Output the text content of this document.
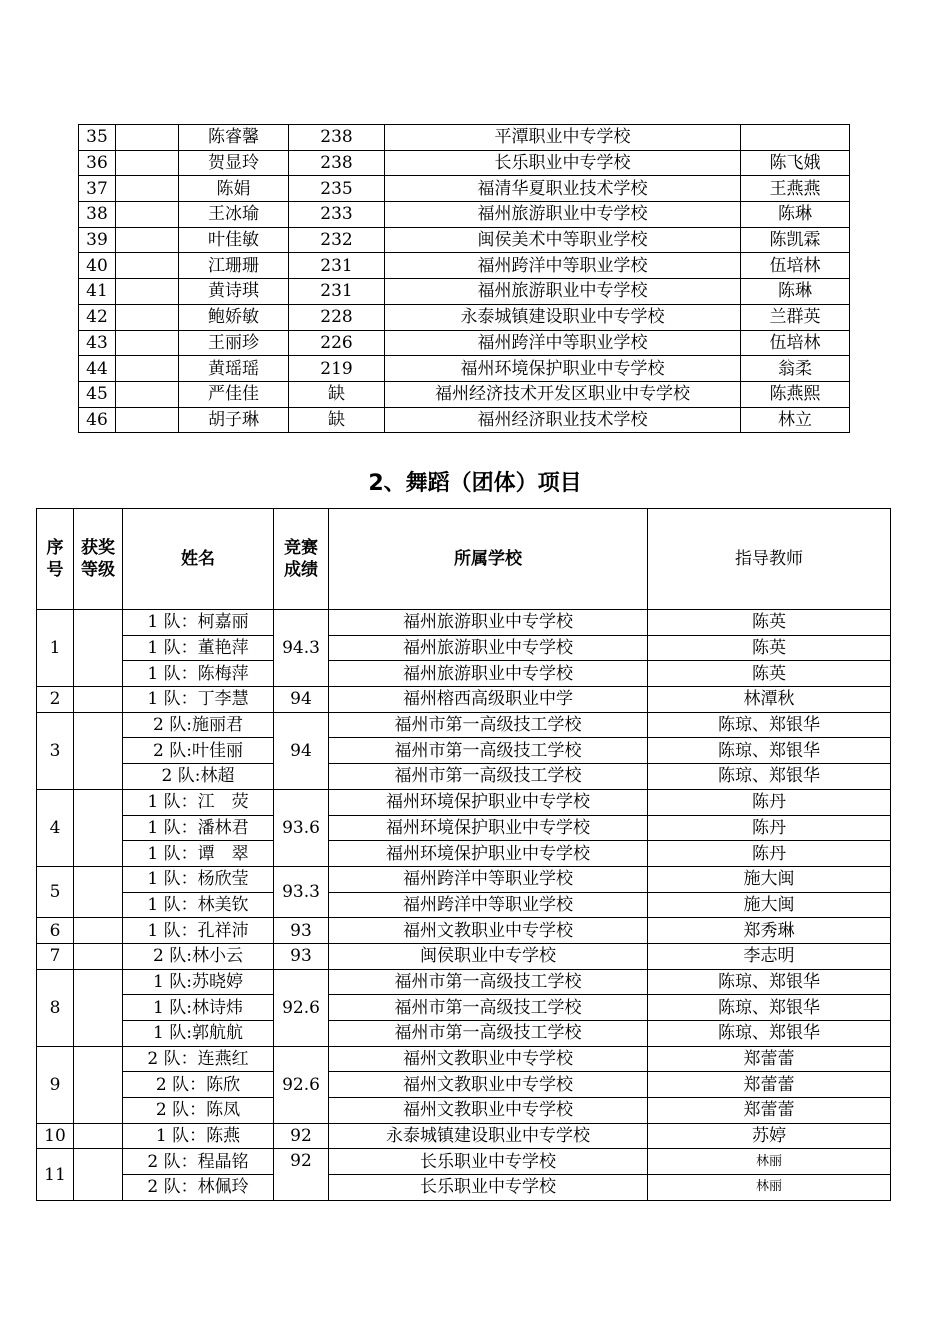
35		陈睿馨	238	平潭职业中专学校	
36		贺显玲	238	长乐职业中专学校	陈飞娥
37		陈娟	235	福清华夏职业技术学校	王燕燕
38		王冰瑜	233	福州旅游职业中专学校	陈琳
39		叶佳敏	232	闽侯美术中等职业学校	陈凯霖
40		江珊珊	231	福州跨洋中等职业学校	伍培林
41		黄诗琪	231	福州旅游职业中专学校	陈琳
42		鲍娇敏	228	永泰城镇建设职业中专学校	兰群英
43		王丽珍	226	福州跨洋中等职业学校	伍培林
44		黄瑶瑶	219	福州环境保护职业中专学校	翁柔
45		严佳佳	缺	福州经济技术开发区职业中专学校	陈燕熙
46		胡子琳	缺	福州经济职业技术学校	林立
2、舞蹈（团体）项目
序号	获奖等级	姓名	竞赛成绩	所属学校	指导教师
1		1 队：柯嘉丽	94.3	福州旅游职业中专学校	陈英
		1 队：董艳萍		福州旅游职业中专学校	陈英
		1 队：陈梅萍		福州旅游职业中专学校	陈英
2		1 队：丁李慧	94	福州榕西高级职业中学	林潭秋
3		2 队:施丽君	94	福州市第一高级技工学校	陈琼、郑银华
		2 队:叶佳丽		福州市第一高级技工学校	陈琼、郑银华
		2 队:林超		福州市第一高级技工学校	陈琼、郑银华
4		1 队：江　荧	93.6	福州环境保护职业中专学校	陈丹
		1 队：潘林君		福州环境保护职业中专学校	陈丹
		1 队：谭　翠		福州环境保护职业中专学校	陈丹
5		1 队：杨欣莹	93.3	福州跨洋中等职业学校	施大闽
		1 队：林美钦		福州跨洋中等职业学校	施大闽
6		1 队：孔祥沛	93	福州文教职业中专学校	郑秀琳
7		2 队:林小云	93	闽侯职业中专学校	李志明
8		1 队:苏晓婷	92.6	福州市第一高级技工学校	陈琼、郑银华
		1 队:林诗炜		福州市第一高级技工学校	陈琼、郑银华
		1 队:郭航航		福州市第一高级技工学校	陈琼、郑银华
9		2 队：连燕红	92.6	福州文教职业中专学校	郑蕾蕾
		2 队：陈欣		福州文教职业中专学校	郑蕾蕾
		2 队：陈凤		福州文教职业中专学校	郑蕾蕾
10		1 队：陈燕	92	永泰城镇建设职业中专学校	苏婷
11		2 队：程晶铭	92	长乐职业中专学校	林丽
		2 队：林佩玲		长乐职业中专学校	林丽
